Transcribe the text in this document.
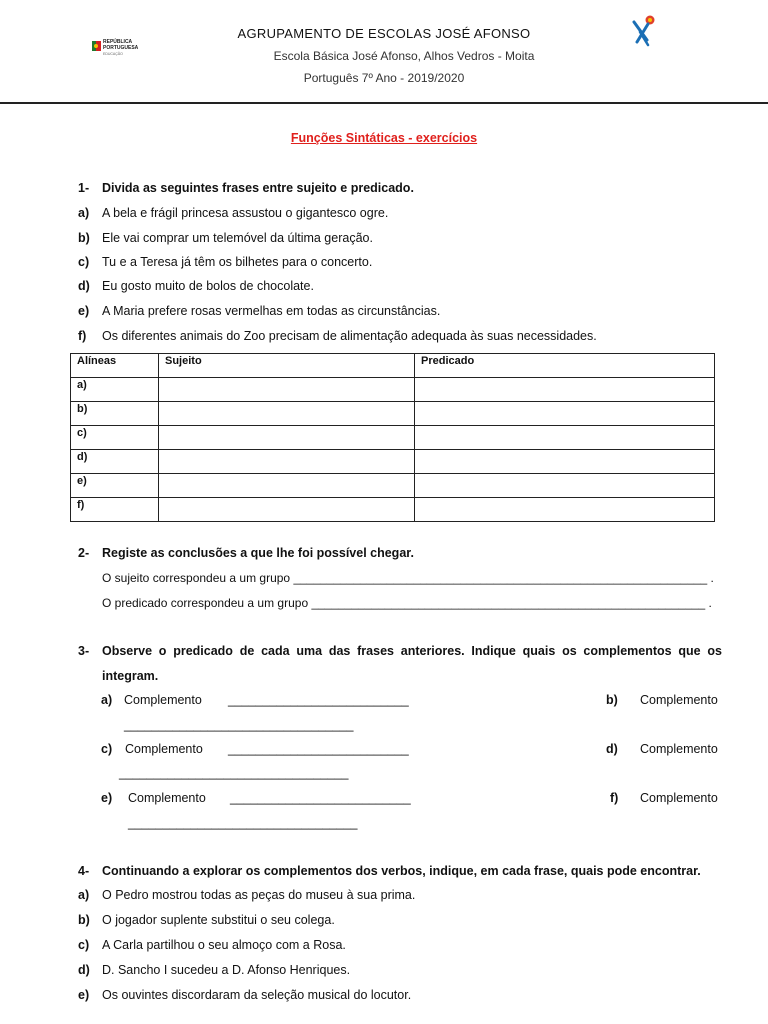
REPÚBLICA PORTUGUESA
EDUCAÇÃO
AGRUPAMENTO DE ESCOLAS JOSÉ AFONSO
Escola Básica José Afonso, Alhos Vedros - Moita
Português 7º Ano - 2019/2020
Funções Sintáticas - exercícios
1- Divida as seguintes frases entre sujeito e predicado.
a) A bela e frágil princesa assustou o gigantesco ogre.
b) Ele vai comprar um telemóvel da última geração.
c) Tu e a Teresa já têm os bilhetes para o concerto.
d) Eu gosto muito de bolos de chocolate.
e) A Maria prefere rosas vermelhas em todas as circunstâncias.
f) Os diferentes animais do Zoo precisam de alimentação adequada às suas necessidades.
Alíneas	Sujeito	Predicado
a)		
b)		
c)		
d)		
e)		
f)		
2- Registe as conclusões a que lhe foi possível chegar.
O sujeito correspondeu a um grupo ______________________________________________________________ .
O predicado correspondeu a um grupo ___________________________________________________________ .
3- Observe o predicado de cada uma das frases anteriores. Indique quais os complementos que os integram.
a) Complemento __________________________	b) Complemento
_________________________________
c) Complemento __________________________	d) Complemento
_________________________________
e) Complemento __________________________	f) Complemento
_________________________________
4- Continuando a explorar os complementos dos verbos, indique, em cada frase, quais pode encontrar.
a) O Pedro mostrou todas as peças do museu à sua prima.
b) O jogador suplente substitui o seu colega.
c) A Carla partilhou o seu almoço com a Rosa.
d) D. Sancho I sucedeu a D. Afonso Henriques.
e) Os ouvintes discordaram da seleção musical do locutor.
